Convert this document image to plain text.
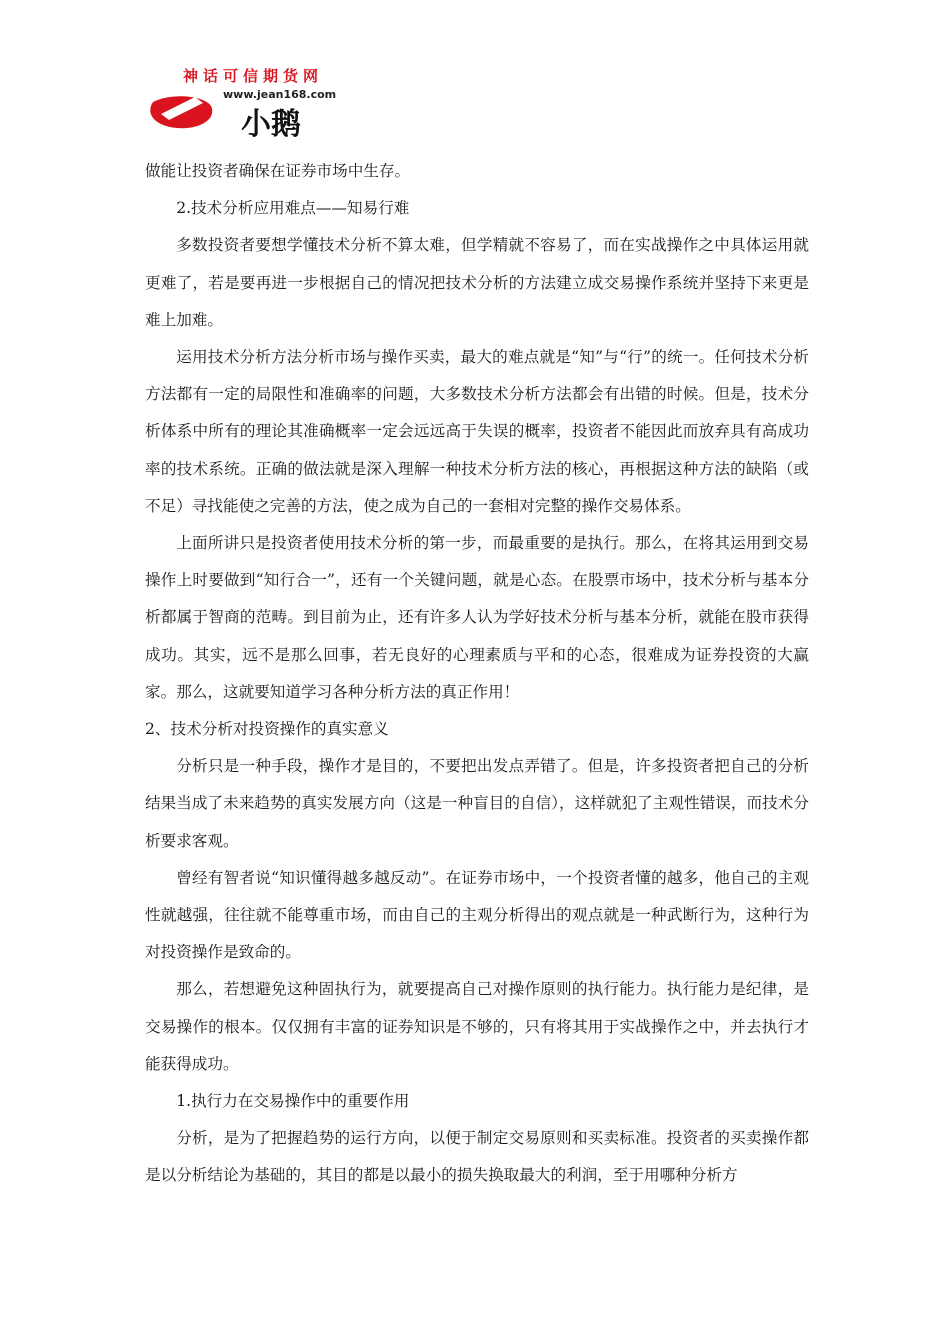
神话可信期货网
www.jean168.com
小鹅

做能让投资者确保在证券市场中生存。

2.技术分析应用难点——知易行难

多数投资者要想学懂技术分析不算太难，但学精就不容易了，而在实战操作之中具体运用就更难了，若是要再进一步根据自己的情况把技术分析的方法建立成交易操作系统并坚持下来更是难上加难。

运用技术分析方法分析市场与操作买卖，最大的难点就是“知”与“行”的统一。任何技术分析方法都有一定的局限性和准确率的问题，大多数技术分析方法都会有出错的时候。但是，技术分析体系中所有的理论其准确概率一定会远远高于失误的概率，投资者不能因此而放弃具有高成功率的技术系统。正确的做法就是深入理解一种技术分析方法的核心，再根据这种方法的缺陷（或不足）寻找能使之完善的方法，使之成为自己的一套相对完整的操作交易体系。

上面所讲只是投资者使用技术分析的第一步，而最重要的是执行。那么，在将其运用到交易操作上时要做到“知行合一”，还有一个关键问题，就是心态。在股票市场中，技术分析与基本分析都属于智商的范畴。到目前为止，还有许多人认为学好技术分析与基本分析，就能在股市获得成功。其实，远不是那么回事，若无良好的心理素质与平和的心态，很难成为证券投资的大赢家。那么，这就要知道学习各种分析方法的真正作用！

2、技术分析对投资操作的真实意义

分析只是一种手段，操作才是目的，不要把出发点弄错了。但是，许多投资者把自己的分析结果当成了未来趋势的真实发展方向（这是一种盲目的自信），这样就犯了主观性错误，而技术分析要求客观。

曾经有智者说“知识懂得越多越反动”。在证券市场中，一个投资者懂的越多，他自己的主观性就越强，往往就不能尊重市场，而由自己的主观分析得出的观点就是一种武断行为，这种行为对投资操作是致命的。

那么，若想避免这种固执行为，就要提高自己对操作原则的执行能力。执行能力是纪律，是交易操作的根本。仅仅拥有丰富的证券知识是不够的，只有将其用于实战操作之中，并去执行才能获得成功。

1.执行力在交易操作中的重要作用

分析，是为了把握趋势的运行方向，以便于制定交易原则和买卖标准。投资者的买卖操作都是以分析结论为基础的，其目的都是以最小的损失换取最大的利润，至于用哪种分析方
